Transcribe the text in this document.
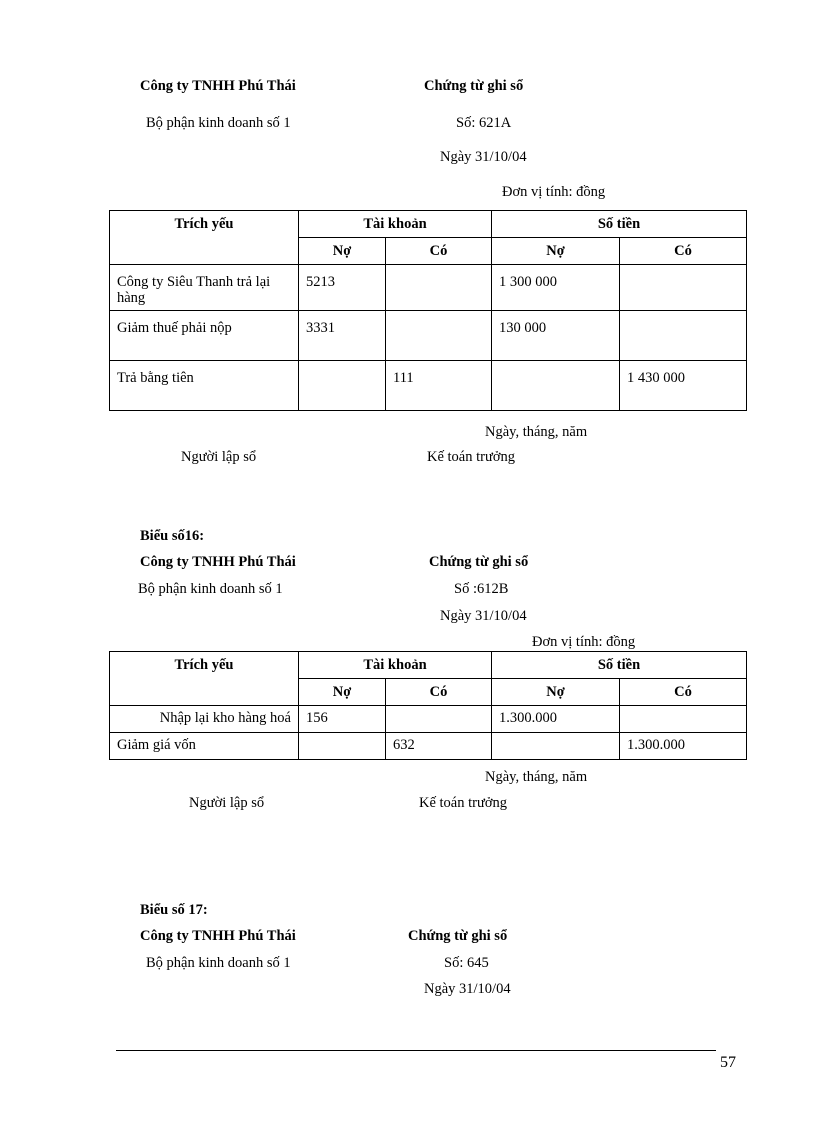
Công ty TNHH Phú Thái	Chứng từ ghi sổ
Bộ phận kinh doanh số 1	Số: 621A
Ngày 31/10/04
Đơn vị tính: đồng
Trích yếu	Tài khoản		Số tiền	
	Nợ	Có	Nợ	Có
Công ty Siêu Thanh trả lại hàng	5213		1 300 000	
Giảm thuế phải nộp	3331		130 000	
Trả bằng tiên		111		1 430 000
Ngày, tháng, năm
Người lập sổ	Kế toán trưởng
Biểu số16:
Công ty TNHH Phú Thái	Chứng từ ghi sổ
Bộ phận kinh doanh số 1	Số :612B
Ngày 31/10/04
Đơn vị tính: đồng
Trích yếu	Tài khoản		Số tiền	
	Nợ	Có	Nợ	Có
Nhập lại kho hàng hoá	156		1.300.000	
Giảm giá vốn		632		1.300.000
Ngày, tháng, năm
Người lập sổ	Kế toán trưởng
Biểu số 17:
Công ty TNHH Phú Thái	Chứng từ ghi sổ
Bộ phận kinh doanh số 1	Số: 645
Ngày 31/10/04
57
